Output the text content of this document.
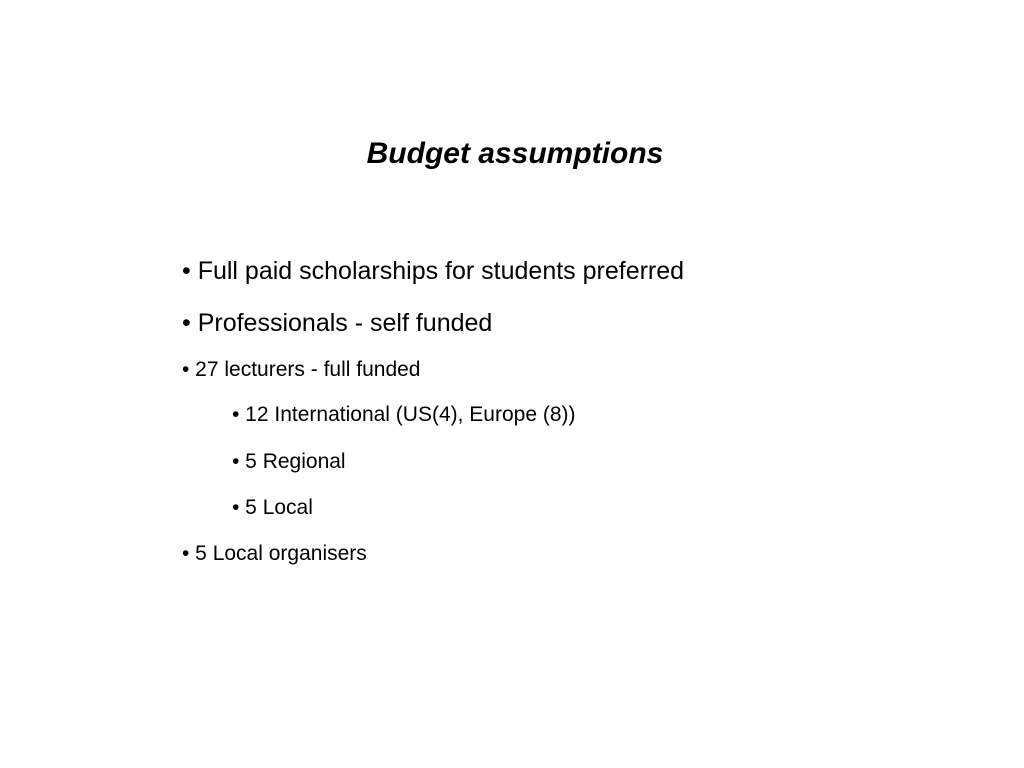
Budget assumptions

• Full paid scholarships for students preferred

• Professionals - self funded

• 27 lecturers - full funded

• 12 International (US(4), Europe (8))

• 5 Regional

• 5 Local

• 5 Local organisers
